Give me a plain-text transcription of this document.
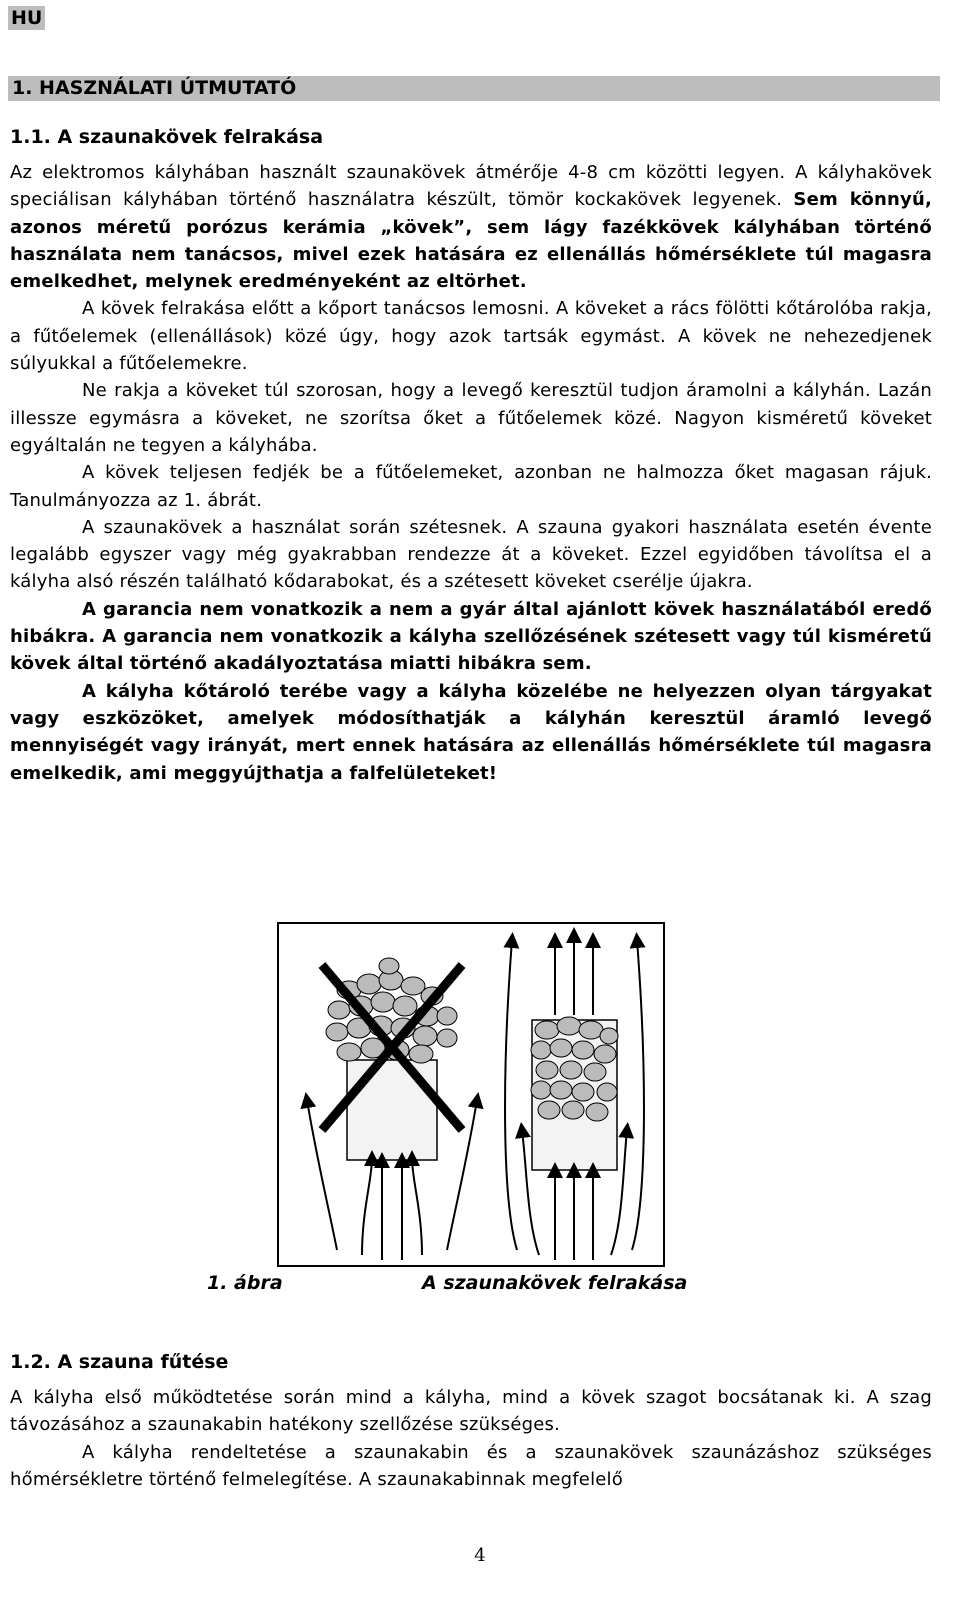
HU
1. HASZNÁLATI ÚTMUTATÓ
1.1. A szaunakövek felrakása

Az elektromos kályhában használt szaunakövek átmérője 4-8 cm közötti legyen. A kályhakövek speciálisan kályhában történő használatra készült, tömör kockakövek legyenek. Sem könnyű, azonos méretű porózus kerámia „kövek”, sem lágy fazékkövek kályhában történő használata nem tanácsos, mivel ezek hatására ez ellenállás hőmérséklete túl magasra emelkedhet, melynek eredményeként az eltörhet.

A kövek felrakása előtt a kőport tanácsos lemosni. A köveket a rács fölötti kőtárolóba rakja, a fűtőelemek (ellenállások) közé úgy, hogy azok tartsák egymást. A kövek ne nehezedjenek súlyukkal a fűtőelemekre.

Ne rakja a köveket túl szorosan, hogy a levegő keresztül tudjon áramolni a kályhán. Lazán illessze egymásra a köveket, ne szorítsa őket a fűtőelemek közé. Nagyon kisméretű köveket egyáltalán ne tegyen a kályhába.

A kövek teljesen fedjék be a fűtőelemeket, azonban ne halmozza őket magasan rájuk. Tanulmányozza az 1. ábrát.

A szaunakövek a használat során szétesnek. A szauna gyakori használata esetén évente legalább egyszer vagy még gyakrabban rendezze át a köveket. Ezzel egyidőben távolítsa el a kályha alsó részén található kődarabokat, és a szétesett köveket cserélje újakra.

A garancia nem vonatkozik a nem a gyár által ajánlott kövek használatából eredő hibákra. A garancia nem vonatkozik a kályha szellőzésének szétesett vagy túl kisméretű kövek által történő akadályoztatása miatti hibákra sem.

A kályha kőtároló terébe vagy a kályha közelébe ne helyezzen olyan tárgyakat vagy eszközöket, amelyek módosíthatják a kályhán keresztül áramló levegő mennyiségét vagy irányát, mert ennek hatására az ellenállás hőmérséklete túl magasra emelkedik, ami meggyújthatja a falfelületeket!

1. ábra	A szaunakövek felrakása
1.2. A szauna fűtése

A kályha első működtetése során mind a kályha, mind a kövek szagot bocsátanak ki. A szag távozásához a szaunakabin hatékony szellőzése szükséges.

A kályha rendeltetése a szaunakabin és a szaunakövek szaunázáshoz szükséges hőmérsékletre történő felmelegítése. A szaunakabinnak megfelelő

4
